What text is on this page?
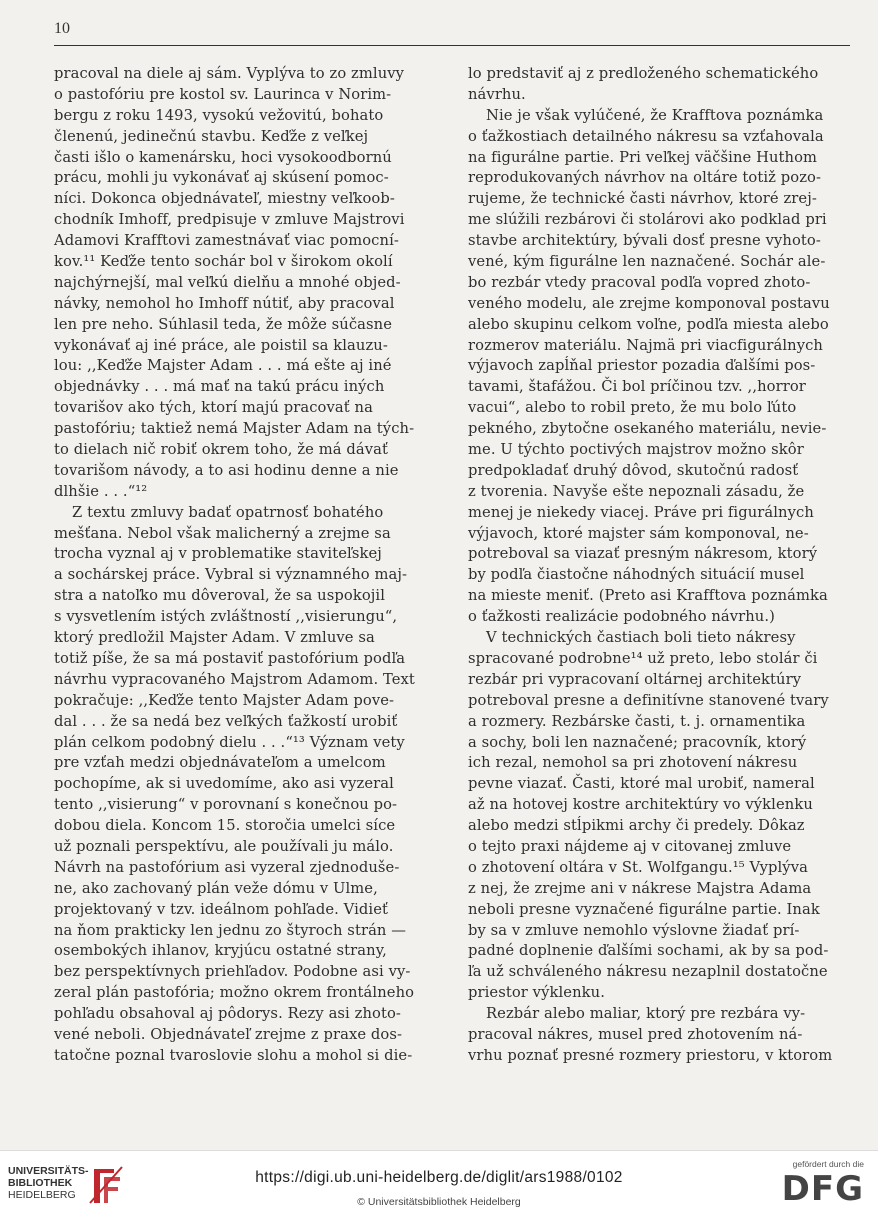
10
pracoval na diele aj sám. Vyplýva to zo zmluvy
o pastofóriu pre kostol sv. Laurinca v Norim-
bergu z roku 1493, vysokú vežovitú, bohato
členenú, jedinečnú stavbu. Keďže z veľkej
časti išlo o kamenársku, hoci vysokoodbornú
prácu, mohli ju vykonávať aj skúsení pomoc-
níci. Dokonca objednávateľ, miestny veľkoob-
chodník Imhoff, predpisuje v zmluve Majstrovi
Adamovi Krafftovi zamestnávať viac pomocní-
kov.¹¹ Keďže tento sochár bol v širokom okolí
najchýrnejší, mal veľkú dielňu a mnohé objed-
návky, nemohol ho Imhoff nútiť, aby pracoval
len pre neho. Súhlasil teda, že môže súčasne
vykonávať aj iné práce, ale poistil sa klauzu-
lou: ,,Keďže Majster Adam . . . má ešte aj iné
objednávky . . . má mať na takú prácu iných
tovarišov ako tých, ktorí majú pracovať na
pastofóriu; taktiež nemá Majster Adam na tých-
to dielach nič robiť okrem toho, že má dávať
tovarišom návody, a to asi hodinu denne a nie
dlhšie . . .“¹²
Z textu zmluvy badať opatrnosť bohatého
mešťana. Nebol však malicherný a zrejme sa
trocha vyznal aj v problematike staviteľskej
a sochárskej práce. Vybral si významného maj-
stra a natoľko mu dôveroval, že sa uspokojil
s vysvetlením istých zvláštností ,,visierungu“,
ktorý predložil Majster Adam. V zmluve sa
totiž píše, že sa má postaviť pastofórium podľa
návrhu vypracovaného Majstrom Adamom. Text
pokračuje: ,,Keďže tento Majster Adam pove-
dal . . . že sa nedá bez veľkých ťažkostí urobiť
plán celkom podobný dielu . . .“¹³ Význam vety
pre vzťah medzi objednávateľom a umelcom
pochopíme, ak si uvedomíme, ako asi vyzeral
tento ,,visierung“ v porovnaní s konečnou po-
dobou diela. Koncom 15. storočia umelci síce
už poznali perspektívu, ale používali ju málo.
Návrh na pastofórium asi vyzeral zjednoduše-
ne, ako zachovaný plán veže dómu v Ulme,
projektovaný v tzv. ideálnom pohľade. Vidieť
na ňom prakticky len jednu zo štyroch strán —
osembokých ihlanov, kryjúcu ostatné strany,
bez perspektívnych priehľadov. Podobne asi vy-
zeral plán pastofória; možno okrem frontálneho
pohľadu obsahoval aj pôdorys. Rezy asi zhoto-
vené neboli. Objednávateľ zrejme z praxe dos-
tatočne poznal tvaroslovie slohu a mohol si die-
lo predstaviť aj z predloženého schematického
návrhu.
Nie je však vylúčené, že Krafftova poznámka
o ťažkostiach detailného nákresu sa vzťahovala
na figurálne partie. Pri veľkej väčšine Huthom
reprodukovaných návrhov na oltáre totiž pozo-
rujeme, že technické časti návrhov, ktoré zrej-
me slúžili rezbárovi či stolárovi ako podklad pri
stavbe architektúry, bývali dosť presne vyhoto-
vené, kým figurálne len naznačené. Sochár ale-
bo rezbár vtedy pracoval podľa vopred zhoto-
veného modelu, ale zrejme komponoval postavu
alebo skupinu celkom voľne, podľa miesta alebo
rozmerov materiálu. Najmä pri viacfigurálnych
výjavoch zapĺňal priestor pozadia ďalšími pos-
tavami, štafážou. Či bol príčinou tzv. ,,horror
vacui“, alebo to robil preto, že mu bolo ľúto
pekného, zbytočne osekaného materiálu, nevie-
me. U týchto poctivých majstrov možno skôr
predpokladať druhý dôvod, skutočnú radosť
z tvorenia. Navyše ešte nepoznali zásadu, že
menej je niekedy viacej. Práve pri figurálnych
výjavoch, ktoré majster sám komponoval, ne-
potreboval sa viazať presným nákresom, ktorý
by podľa čiastočne náhodných situácií musel
na mieste meniť. (Preto asi Krafftova poznámka
o ťažkosti realizácie podobného návrhu.)
V technických častiach boli tieto nákresy
spracované podrobne¹⁴ už preto, lebo stolár či
rezbár pri vypracovaní oltárnej architektúry
potreboval presne a definitívne stanovené tvary
a rozmery. Rezbárske časti, t. j. ornamentika
a sochy, boli len naznačené; pracovník, ktorý
ich rezal, nemohol sa pri zhotovení nákresu
pevne viazať. Časti, ktoré mal urobiť, nameral
až na hotovej kostre architektúry vo výklenku
alebo medzi stĺpikmi archy či predely. Dôkaz
o tejto praxi nájdeme aj v citovanej zmluve
o zhotovení oltára v St. Wolfgangu.¹⁵ Vyplýva
z nej, že zrejme ani v nákrese Majstra Adama
neboli presne vyznačené figurálne partie. Inak
by sa v zmluve nemohlo výslovne žiadať prí-
padné doplnenie ďalšími sochami, ak by sa pod-
ľa už schváleného nákresu nezaplnil dostatočne
priestor výklenku.
Rezbár alebo maliar, ktorý pre rezbára vy-
pracoval nákres, musel pred zhotovením ná-
vrhu poznať presné rozmery priestoru, v ktorom
UNIVERSITÄTS-
BIBLIOTHEK
HEIDELBERG
https://digi.ub.uni-heidelberg.de/diglit/ars1988/0102
© Universitätsbibliothek Heidelberg
gefördert durch die
DFG
